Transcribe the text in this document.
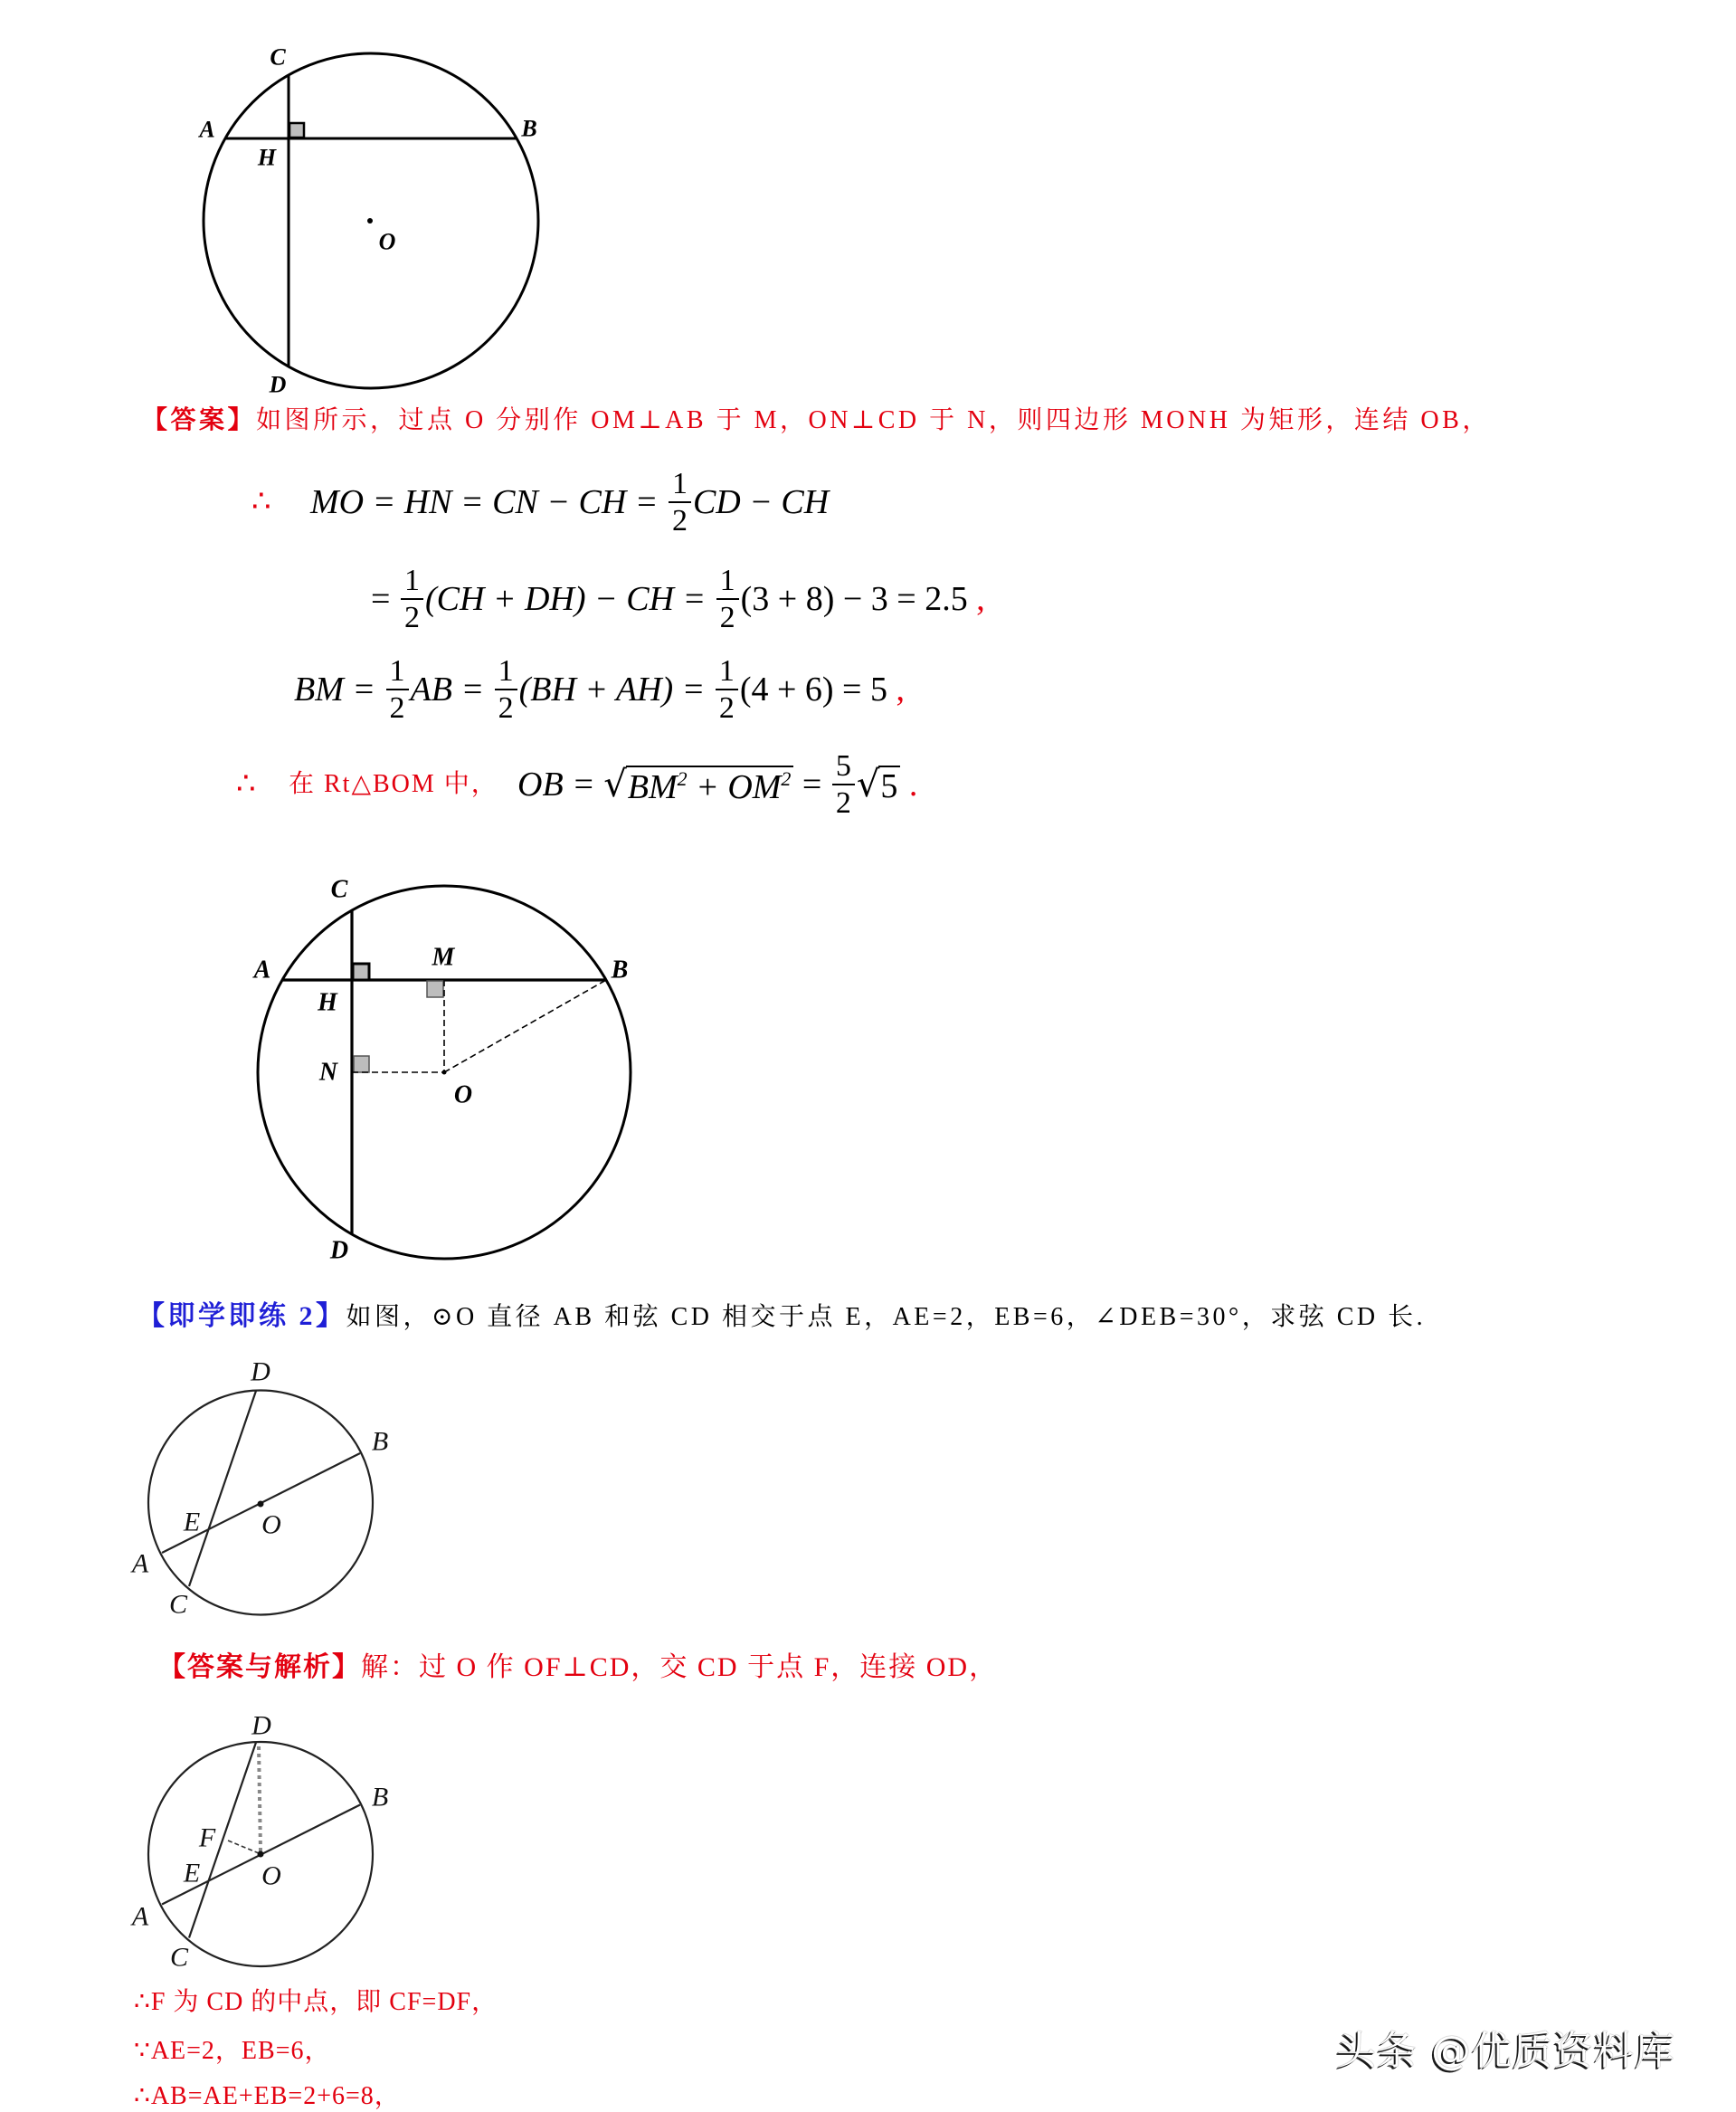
C
A	B
H
O
D
C
A	M	B
H
N
O
D
D
B
E O
A
C
D
B
F
E O
A
C
【答案】如图所示，过点 O 分别作 OM⊥AB 于 M，ON⊥CD 于 N，则四边形 MONH 为矩形，连结 OB，
∴ MO = HN = CN − CH = $\frac{1}{2}$ CD − CH
= $\frac{1}{2} (CH + DH)$ − CH = $\frac{1}{2} (3 + 8) - 3 = 2.5$ ,
BM = $\frac{1}{2}$ AB = $\frac{1}{2} (BH + AH) = \frac{1}{2} (4 + 6) = 5$ ,
∴ 在 Rt△BOM 中， OB = √ $BM^2 + OM^2 = \frac{5}{2}$ √ 5 .
【即学即练 2】如图，⊙O 直径 AB 和弦 CD 相交于点 E，AE=2，EB=6，∠DEB=30°，求弦 CD 长.
【答案与解析】解：过 O 作 OF⊥CD，交 CD 于点 F，连接 OD，
∴F 为 CD 的中点，即 CF=DF，
∵AE=2，EB=6，
∴AB=AE+EB=2+6=8，
头条 @优质资料库
